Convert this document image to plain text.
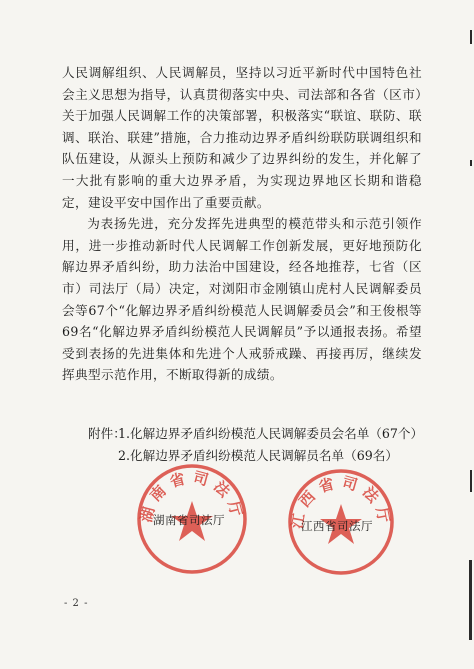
人民调解组织、人民调解员，坚持以习近平新时代中国特色社会主义思想为指导，认真贯彻落实中央、司法部和各省（区市）关于加强人民调解工作的决策部署，积极落实“联谊、联防、联调、联治、联建”措施，合力推动边界矛盾纠纷联防联调组织和队伍建设，从源头上预防和减少了边界纠纷的发生，并化解了一大批有影响的重大边界矛盾，为实现边界地区长期和谐稳定，建设平安中国作出了重要贡献。

为表扬先进，充分发挥先进典型的模范带头和示范引领作用，进一步推动新时代人民调解工作创新发展，更好地预防化解边界矛盾纠纷，助力法治中国建设，经各地推荐，七省（区市）司法厅（局）决定，对浏阳市金刚镇山虎村人民调解委员会等67个“化解边界矛盾纠纷模范人民调解委员会”和王俊根等69名“化解边界矛盾纠纷模范人民调解员”予以通报表扬。希望受到表扬的先进集体和先进个人戒骄戒躁、再接再厉，继续发挥典型示范作用，不断取得新的成绩。

附件：
1.化解边界矛盾纠纷模范人民调解委员会名单（67个）
2.化解边界矛盾纠纷模范人民调解员名单（69名）
湖南省司法厅
湖南省司法厅	江西省司法厅
江西省司法厅
- 2 -
